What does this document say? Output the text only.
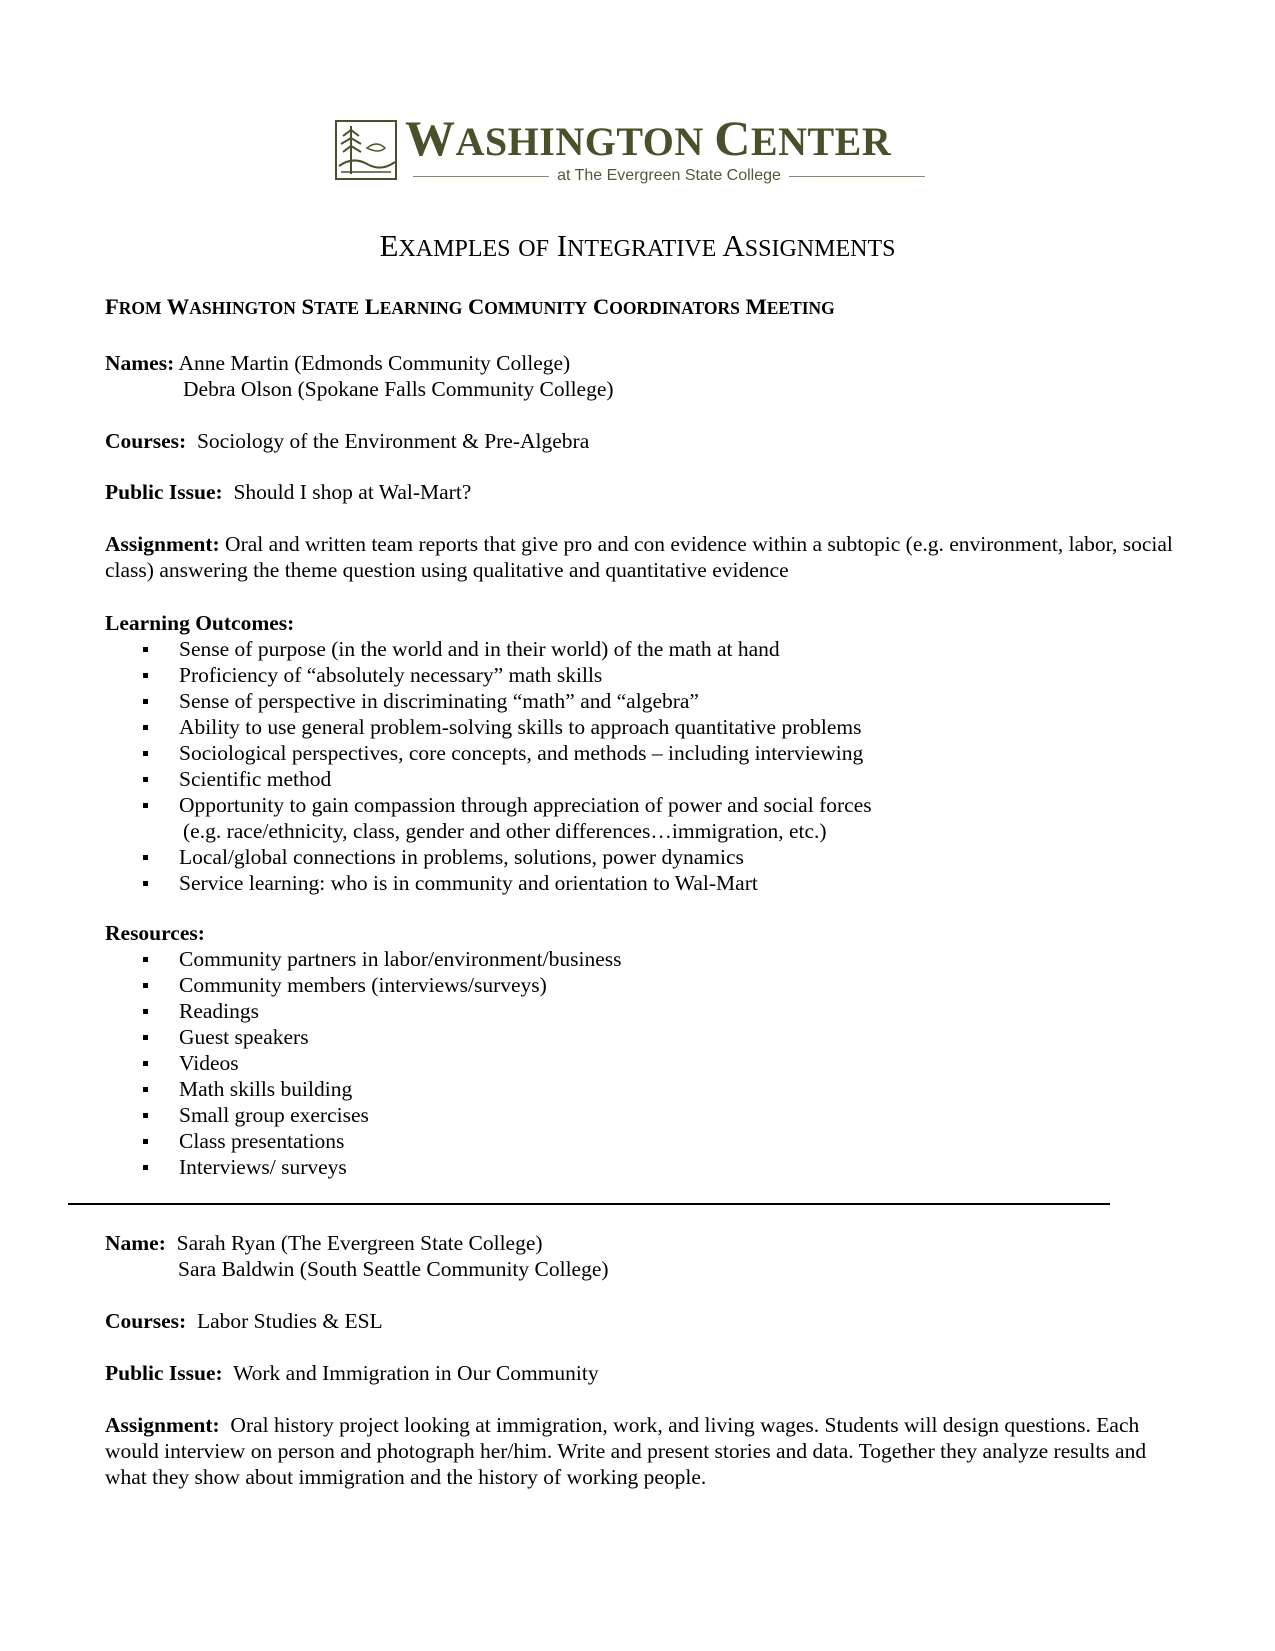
WASHINGTON CENTER
at The Evergreen State College
EXAMPLES OF INTEGRATIVE ASSIGNMENTS
FROM WASHINGTON STATE LEARNING COMMUNITY COORDINATORS MEETING
Names: Anne Martin (Edmonds Community College)
Debra Olson (Spokane Falls Community College)
Courses: Sociology of the Environment & Pre-Algebra
Public Issue: Should I shop at Wal-Mart?
Assignment: Oral and written team reports that give pro and con evidence within a subtopic (e.g. environment, labor, social class) answering the theme question using qualitative and quantitative evidence
Learning Outcomes:
Sense of purpose (in the world and in their world) of the math at hand
Proficiency of “absolutely necessary” math skills
Sense of perspective in discriminating “math” and “algebra”
Ability to use general problem-solving skills to approach quantitative problems
Sociological perspectives, core concepts, and methods – including interviewing
Scientific method
Opportunity to gain compassion through appreciation of power and social forces
(e.g. race/ethnicity, class, gender and other differences…immigration, etc.)
Local/global connections in problems, solutions, power dynamics
Service learning: who is in community and orientation to Wal-Mart
Resources:
Community partners in labor/environment/business
Community members (interviews/surveys)
Readings
Guest speakers
Videos
Math skills building
Small group exercises
Class presentations
Interviews/ surveys
Name: Sarah Ryan (The Evergreen State College)
Sara Baldwin (South Seattle Community College)
Courses: Labor Studies & ESL
Public Issue: Work and Immigration in Our Community
Assignment: Oral history project looking at immigration, work, and living wages. Students will design questions. Each would interview on person and photograph her/him. Write and present stories and data. Together they analyze results and what they show about immigration and the history of working people.
